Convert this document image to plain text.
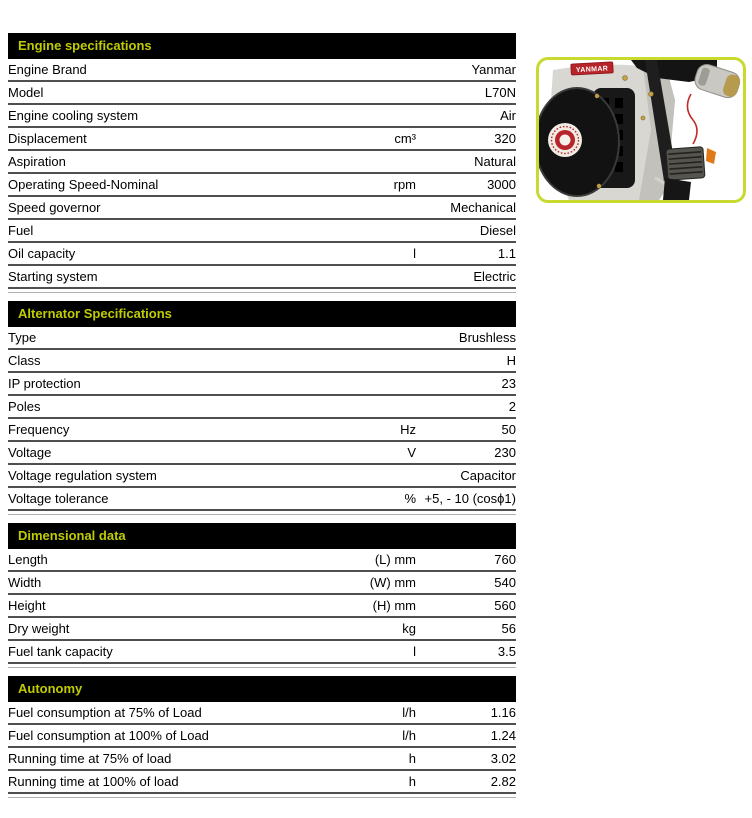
Engine specifications
Engine Brand		Yanmar
Model		L70N
Engine cooling system		Air
Displacement	cm³	320
Aspiration		Natural
Operating Speed-Nominal	rpm	3000
Speed governor		Mechanical
Fuel		Diesel
Oil capacity	l	1.1
Starting system		Electric
Alternator Specifications
Type		Brushless
Class		H
IP protection		23
Poles		2
Frequency	Hz	50
Voltage	V	230
Voltage regulation system		Capacitor
Voltage tolerance	%	+5, - 10 (cosϕ1)
Dimensional data
Length	(L) mm	760
Width	(W) mm	540
Height	(H) mm	560
Dry weight	kg	56
Fuel tank capacity	l	3.5
Autonomy
Fuel consumption at 75% of Load	l/h	1.16
Fuel consumption at 100% of Load	l/h	1.24
Running time at 75% of load	h	3.02
Running time at 100% of load	h	2.82
YANMAR
